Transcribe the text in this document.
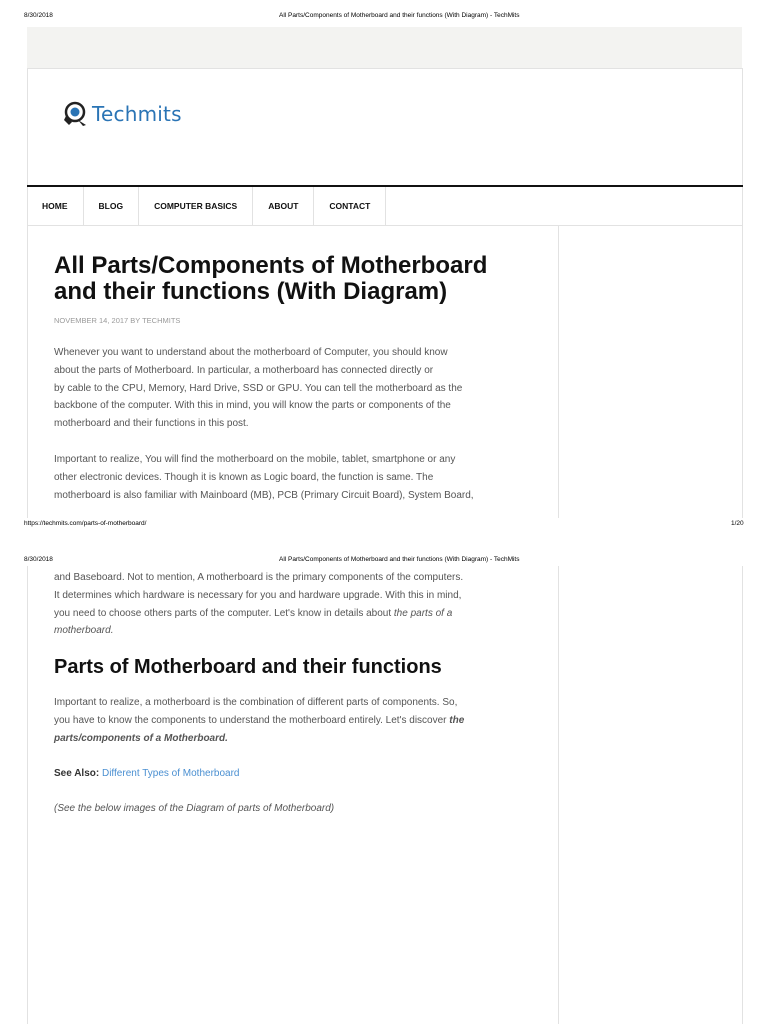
8/30/2018	All Parts/Components of Motherboard and their functions (With Diagram) - TechMits
Techmits
HOME	BLOG	COMPUTER BASICS	ABOUT	CONTACT
All Parts/Components of Motherboard and their functions (With Diagram)
NOVEMBER 14, 2017 BY TECHMITS
Whenever you want to understand about the motherboard of Computer, you should know
about the parts of Motherboard. In particular, a motherboard has connected directly or
by cable to the CPU, Memory, Hard Drive, SSD or GPU. You can tell the motherboard as the
backbone of the computer. With this in mind, you will know the parts or components of the
motherboard and their functions in this post.
Important to realize, You will find the motherboard on the mobile, tablet, smartphone or any
other electronic devices. Though it is known as Logic board, the function is same. The
motherboard is also familiar with Mainboard (MB), PCB (Primary Circuit Board), System Board,
https://techmits.com/parts-of-motherboard/	1/20
8/30/2018	All Parts/Components of Motherboard and their functions (With Diagram) - TechMits
and Baseboard. Not to mention, A motherboard is the primary components of the computers.
It determines which hardware is necessary for you and hardware upgrade. With this in mind,
you need to choose others parts of the computer. Let's know in details about the parts of a
motherboard.
Parts of Motherboard and their functions
Important to realize, a motherboard is the combination of different parts of components. So,
you have to know the components to understand the motherboard entirely. Let's discover the
parts/components of a Motherboard.
See Also: Different Types of Motherboard
(See the below images of the Diagram of parts of Motherboard)
